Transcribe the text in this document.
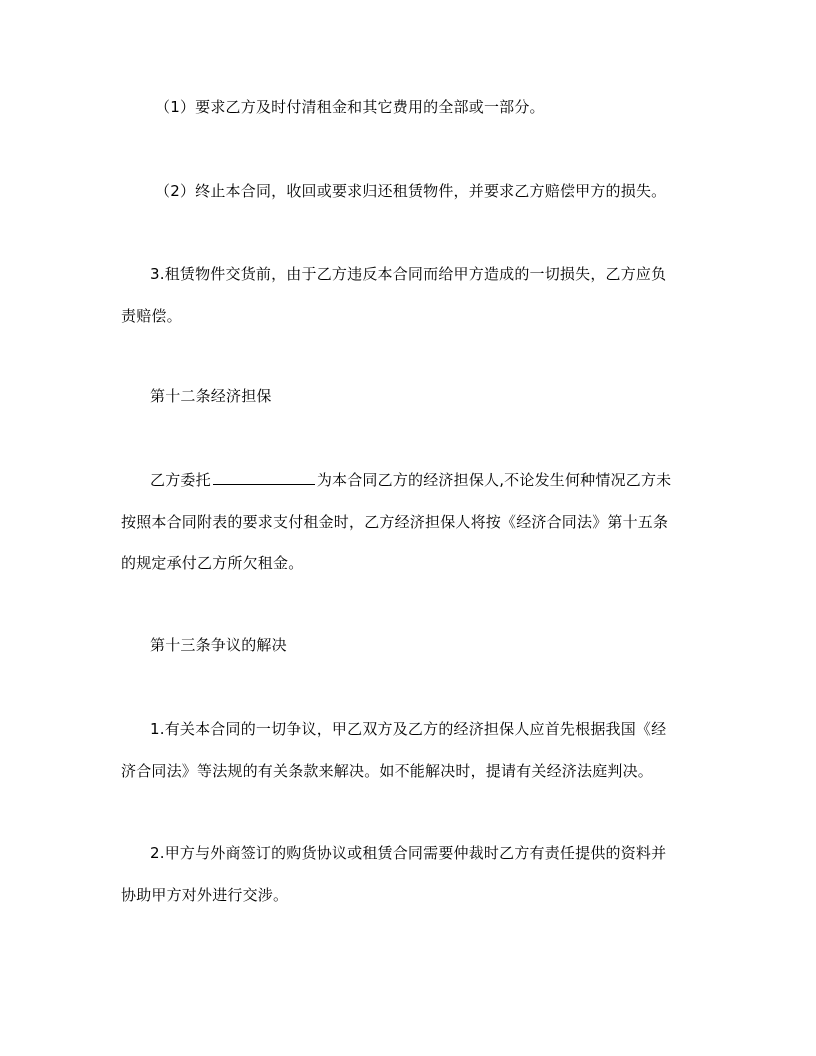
（1）要求乙方及时付清租金和其它费用的全部或一部分。
（2）终止本合同，收回或要求归还租赁物件，并要求乙方赔偿甲方的损失。
3.租赁物件交货前，由于乙方违反本合同而给甲方造成的一切损失，乙方应负
责赔偿。
第十二条经济担保
乙方委托	为本合同乙方的经济担保人,不论发生何种情况乙方未
按照本合同附表的要求支付租金时，乙方经济担保人将按《经济合同法》第十五条
的规定承付乙方所欠租金。
第十三条争议的解决
1.有关本合同的一切争议，甲乙双方及乙方的经济担保人应首先根据我国《经
济合同法》等法规的有关条款来解决。如不能解决时，提请有关经济法庭判决。
2.甲方与外商签订的购货协议或租赁合同需要仲裁时乙方有责任提供的资料并
协助甲方对外进行交涉。
